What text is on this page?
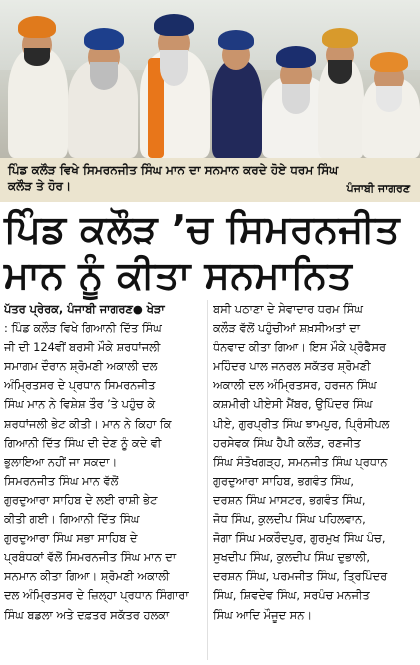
ਪਿੰਡ ਕਲੌੜ ਵਿਖੇ ਸਿਮਰਨਜੀਤ ਸਿੰਘ ਮਾਨ ਦਾ ਸਨਮਾਨ ਕਰਦੇ ਹੋਏ ਧਰਮ ਸਿੰਘ
ਕਲੌੜ ਤੇ ਹੋਰ।	ਪੰਜਾਬੀ ਜਾਗਰਣ
ਪਿੰਡ ਕਲੌੜ ’ਚ ਸਿਮਰਨਜੀਤ
ਮਾਨ ਨੂੰ ਕੀਤਾ ਸਨਮਾਨਿਤ
ਪੱਤਰ ਪ੍ਰੇਰਕ, ਪੰਜਾਬੀ ਜਾਗਰਣ● ਖੇੜਾ
: ਪਿੰਡ ਕਲੌੜ ਵਿਖੇ ਗਿਆਨੀ ਦਿੱਤ ਸਿੰਘ
ਜੀ ਦੀ 124ਵੀਂ ਬਰਸੀ ਮੌਕੇ ਸ਼ਰਧਾਂਜਲੀ
ਸਮਾਗਮ ਦੌਰਾਨ ਸ਼੍ਰੋਮਣੀ ਅਕਾਲੀ ਦਲ
ਅੰਮ੍ਰਿਤਸਰ ਦੇ ਪ੍ਰਧਾਨ ਸਿਮਰਨਜੀਤ
ਸਿੰਘ ਮਾਨ ਨੇ ਵਿਸ਼ੇਸ਼ ਤੌਰ ’ਤੇ ਪਹੁੰਚ ਕੇ
ਸ਼ਰਧਾਂਜਲੀ ਭੇਟ ਕੀਤੀ। ਮਾਨ ਨੇ ਕਿਹਾ ਕਿ
ਗਿਆਨੀ ਦਿੱਤ ਸਿੰਘ ਦੀ ਦੇਣ ਨੂੰ ਕਦੇ ਵੀ
ਭੁਲਾਇਆ ਨਹੀਂ ਜਾ ਸਕਦਾ।
ਸਿਮਰਨਜੀਤ ਸਿੰਘ ਮਾਨ ਵੱਲੋਂ
ਗੁਰਦੁਆਰਾ ਸਾਹਿਬ ਦੇ ਲਈ ਰਾਸ਼ੀ ਭੇਟ
ਕੀਤੀ ਗਈ। ਗਿਆਨੀ ਦਿੱਤ ਸਿੰਘ
ਗੁਰਦੁਆਰਾ ਸਿੰਘ ਸਭਾ ਸਾਹਿਬ ਦੇ
ਪ੍ਰਬੰਧਕਾਂ ਵੱਲੋਂ ਸਿਮਰਨਜੀਤ ਸਿੰਘ ਮਾਨ ਦਾ
ਸਨਮਾਨ ਕੀਤਾ ਗਿਆ। ਸ਼੍ਰੋਮਣੀ ਅਕਾਲੀ
ਦਲ ਅੰਮ੍ਰਿਤਸਰ ਦੇ ਜ਼ਿਲ੍ਹਾ ਪ੍ਰਧਾਨ ਸਿੰਗਾਰਾ
ਸਿੰਘ ਬਡਲਾ ਅਤੇ ਦਫ਼ਤਰ ਸਕੱਤਰ ਹਲਕਾ
ਬਸੀ ਪਠਾਣਾ ਦੇ ਸੇਵਾਦਾਰ ਧਰਮ ਸਿੰਘ
ਕਲੌੜ ਵੱਲੋਂ ਪਹੁੰਚੀਆਂ ਸ਼ਖ਼ਸੀਅਤਾਂ ਦਾ
ਧੰਨਵਾਦ ਕੀਤਾ ਗਿਆ। ਇਸ ਮੌਕੇ ਪ੍ਰੋਫੈਸਰ
ਮਹਿੰਦਰ ਪਾਲ ਜਨਰਲ ਸਕੱਤਰ ਸ਼੍ਰੋਮਣੀ
ਅਕਾਲੀ ਦਲ ਅੰਮ੍ਰਿਤਸਰ, ਹਰਜਨ ਸਿੰਘ
ਕਸ਼ਮੀਰੀ ਪੀਏਸੀ ਮੈਂਬਰ, ਉਪਿੰਦਰ ਸਿੰਘ
ਪੀਏ, ਗੁਰਪ੍ਰੀਤ ਸਿੰਘ ਝਾਮਪੁਰ, ਪ੍ਰਿੰਸੀਪਲ
ਹਰਸੇਵਕ ਸਿੰਘ ਹੈਪੀ ਕਲੌੜ, ਰਣਜੀਤ
ਸਿੰਘ ਸੰਤੋਖਗੜ੍ਹ, ਸਮਨਜੀਤ ਸਿੰਘ ਪ੍ਰਧਾਨ
ਗੁਰਦੁਆਰਾ ਸਾਹਿਬ, ਭਗਵੰਤ ਸਿੰਘ,
ਦਰਸ਼ਨ ਸਿੰਘ ਮਾਸਟਰ, ਭਗਵੰਤ ਸਿੰਘ,
ਜੋਧ ਸਿੰਘ, ਕੁਲਦੀਪ ਸਿੰਘ ਪਹਿਲਵਾਨ,
ਜੋਗਾ ਸਿੰਘ ਮਕਰੌਦਪੁਰ, ਗੁਰਮੁਖ ਸਿੰਘ ਪੰਚ,
ਸੁਖਦੀਪ ਸਿੰਘ, ਕੁਲਦੀਪ ਸਿੰਘ ਦੁਭਾਲੀ,
ਦਰਸ਼ਨ ਸਿੰਘ, ਪਰਮਜੀਤ ਸਿੰਘ, ਤ੍ਰਿਪਿੰਦਰ
ਸਿੰਘ, ਸ਼ਿਵਦੇਵ ਸਿੰਘ, ਸਰਪੰਚ ਮਨਜੀਤ
ਸਿੰਘ ਆਦਿ ਮੌਜੂਦ ਸਨ।
